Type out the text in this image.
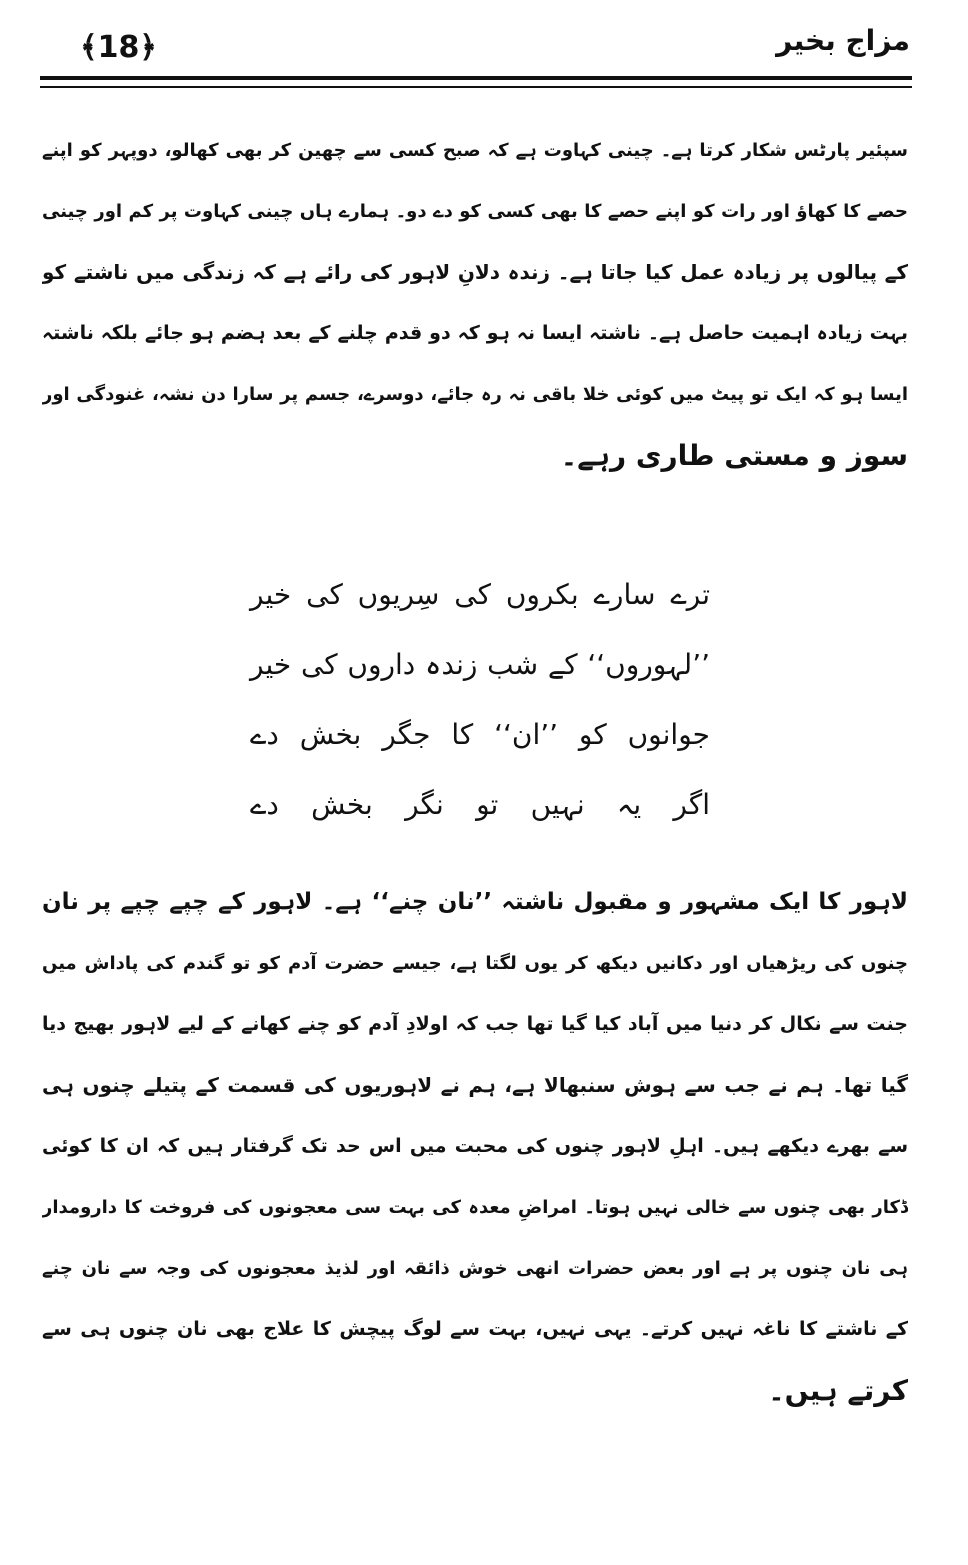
﴾18﴿	مزاج بخیر
سپئیر پارٹس شکار کرتا ہے۔ چینی کہاوت ہے کہ صبح کسی سے چھین کر بھی کھالو، دوپہر کو اپنے
حصے کا کھاؤ اور رات کو اپنے حصے کا بھی کسی کو دے دو۔ ہمارے ہاں چینی کہاوت پر کم اور چینی
کے پیالوں پر زیادہ عمل کیا جاتا ہے۔ زندہ دلانِ لاہور کی رائے ہے کہ زندگی میں ناشتے کو
بہت زیادہ اہمیت حاصل ہے۔ ناشتہ ایسا نہ ہو کہ دو قدم چلنے کے بعد ہضم ہو جائے بلکہ ناشتہ
ایسا ہو کہ ایک تو پیٹ میں کوئی خلا باقی نہ رہ جائے، دوسرے، جسم پر سارا دن نشہ، غنودگی اور
سوز و مستی طاری رہے۔
ترے سارے بکروں کی سِریوں کی خیر
’’لہوروں‘‘ کے شب زندہ داروں کی خیر
جوانوں کو ’’ان‘‘ کا جگر بخش دے
اگر یہ نہیں تو نگر بخش دے
لاہور کا ایک مشہور و مقبول ناشتہ ’’نان چنے‘‘ ہے۔ لاہور کے چپے چپے پر نان
چنوں کی ریڑھیاں اور دکانیں دیکھ کر یوں لگتا ہے، جیسے حضرت آدم کو تو گندم کی پاداش میں
جنت سے نکال کر دنیا میں آباد کیا گیا تھا جب کہ اولادِ آدم کو چنے کھانے کے لیے لاہور بھیج دیا
گیا تھا۔ ہم نے جب سے ہوش سنبھالا ہے، ہم نے لاہوریوں کی قسمت کے پتیلے چنوں ہی
سے بھرے دیکھے ہیں۔ اہلِ لاہور چنوں کی محبت میں اس حد تک گرفتار ہیں کہ ان کا کوئی
ڈکار بھی چنوں سے خالی نہیں ہوتا۔ امراضِ معدہ کی بہت سی معجونوں کی فروخت کا دارومدار
ہی نان چنوں پر ہے اور بعض حضرات انھی خوش ذائقہ اور لذیذ معجونوں کی وجہ سے نان چنے
کے ناشتے کا ناغہ نہیں کرتے۔ یہی نہیں، بہت سے لوگ پیچش کا علاج بھی نان چنوں ہی سے
کرتے ہیں۔
